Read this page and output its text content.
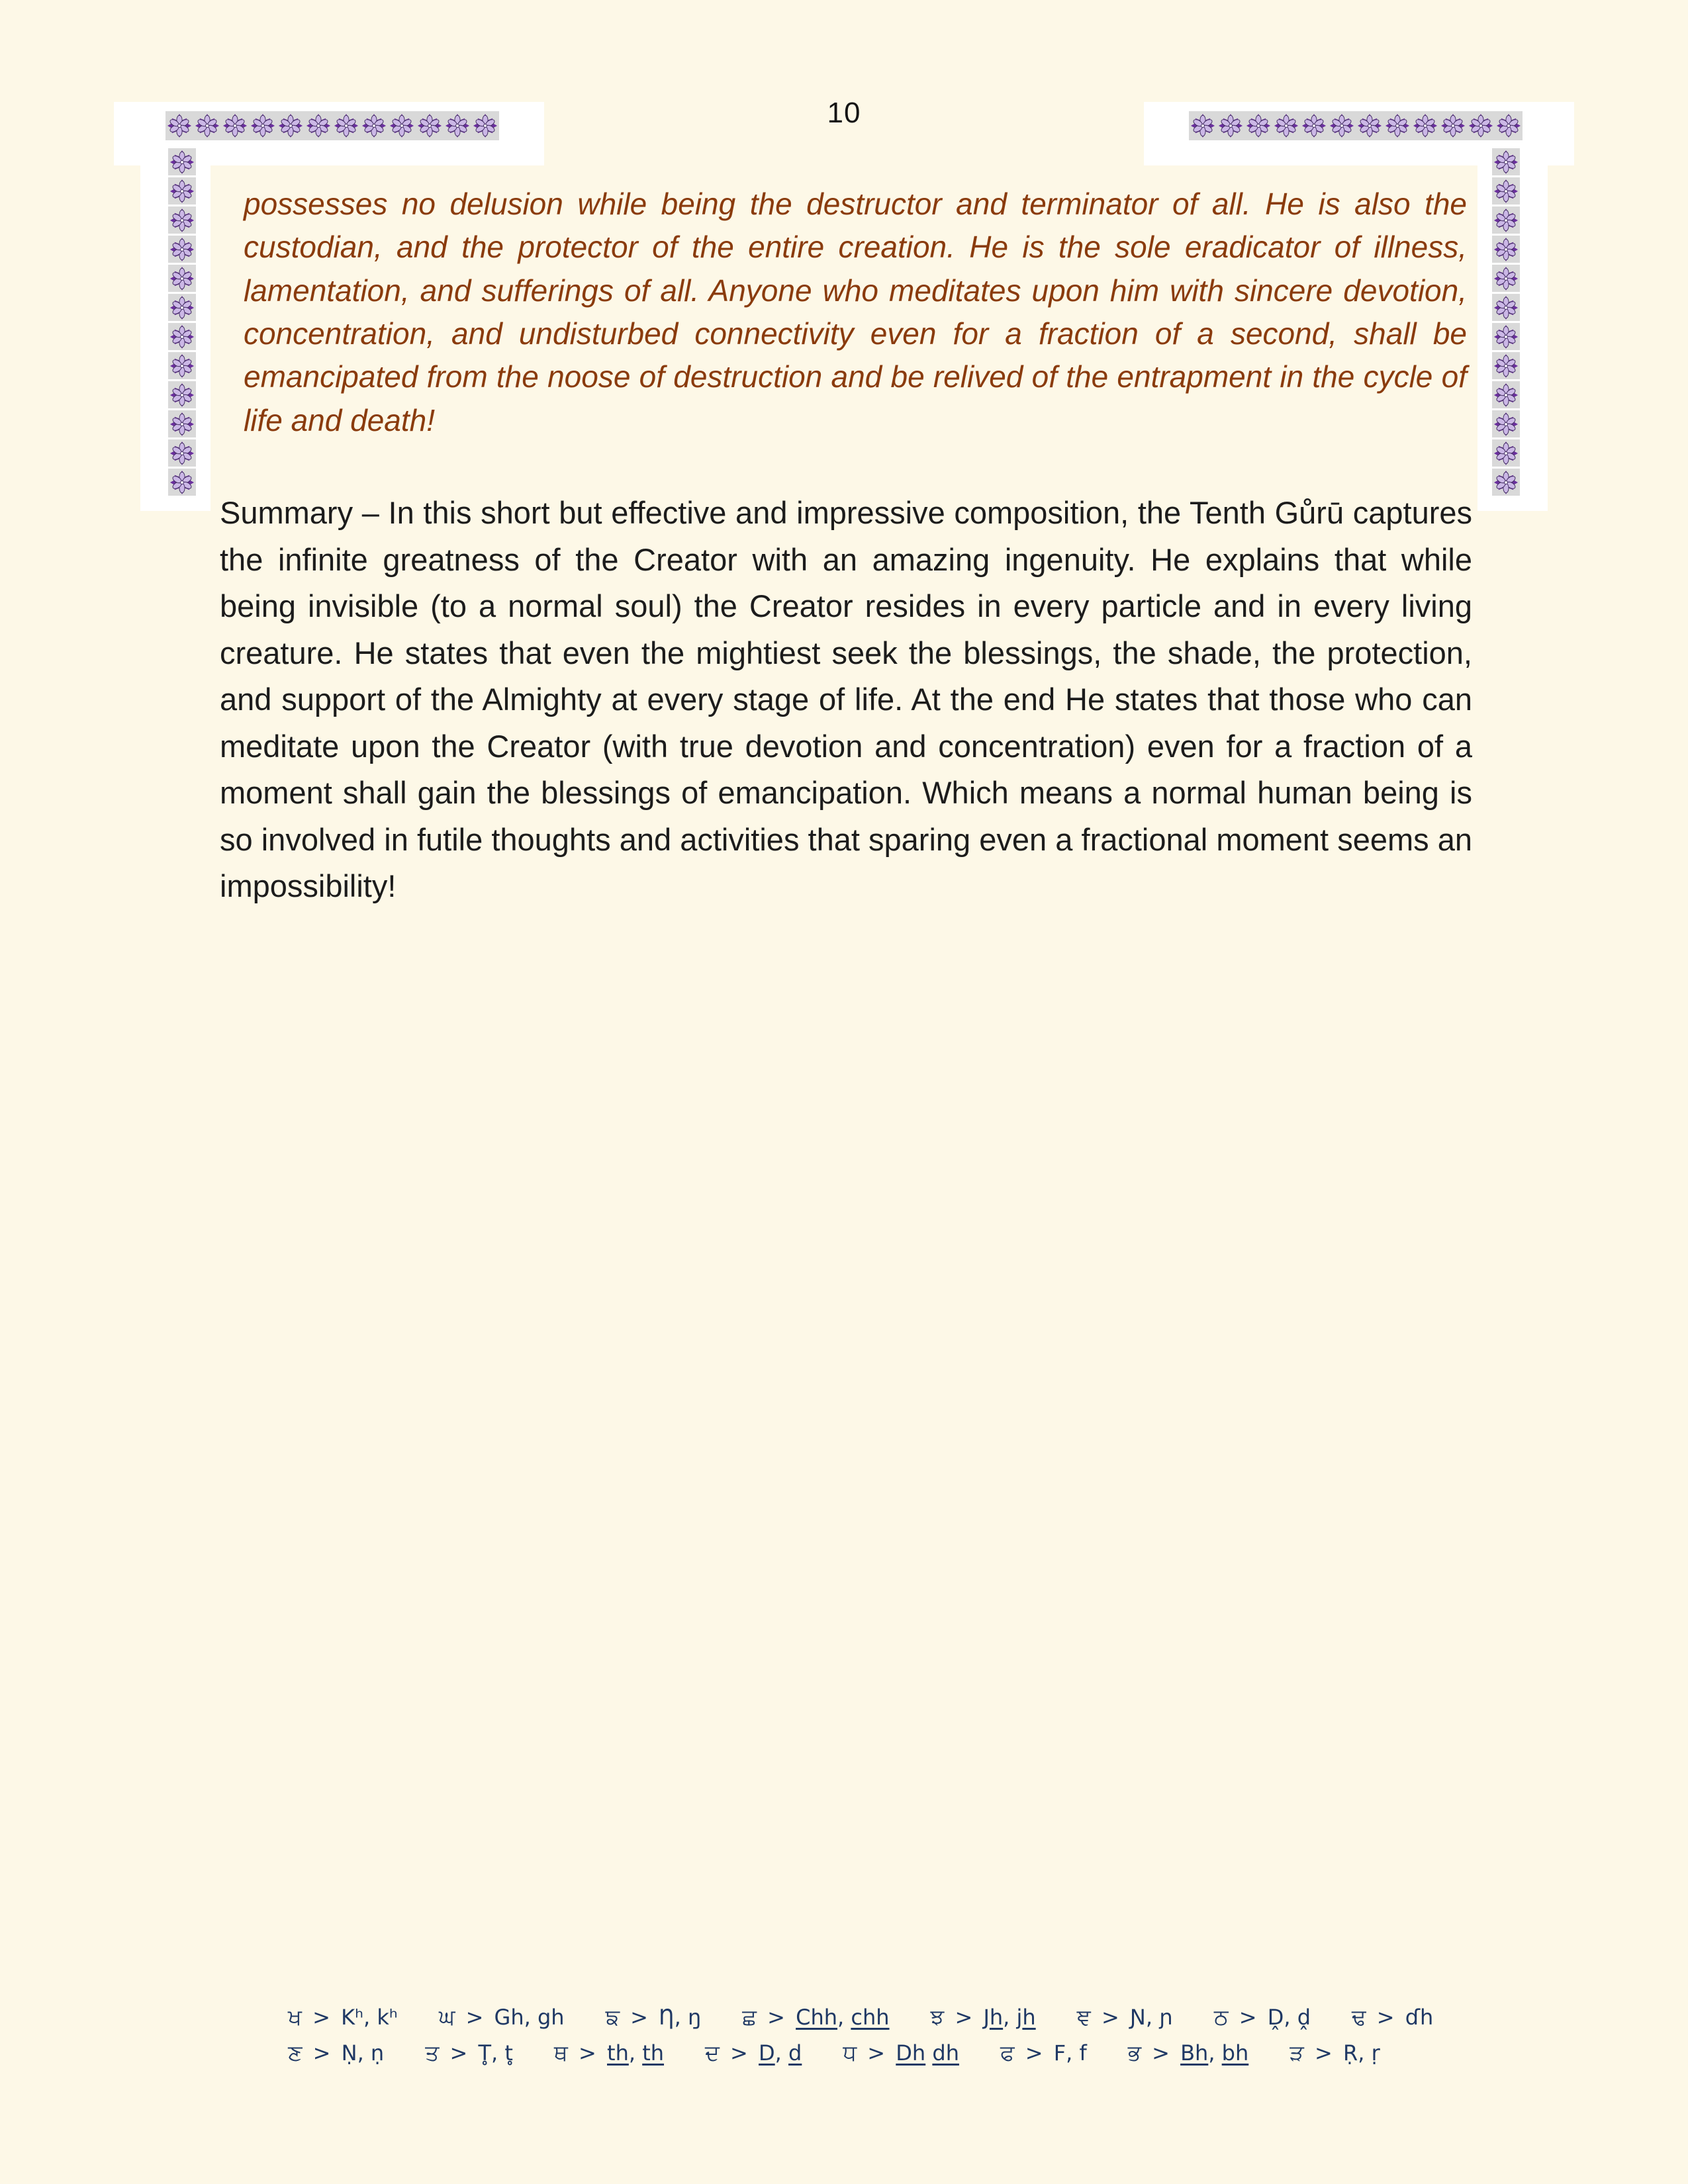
10
possesses no delusion while being the destructor and terminator of all. He is also the custodian, and the protector of the entire creation. He is the sole eradicator of illness, lamentation, and sufferings of all. Anyone who meditates upon him with sincere devotion, concentration, and undisturbed connectivity even for a fraction of a second, shall be emancipated from the noose of destruction and be relived of the entrapment in the cycle of life and death!
Summary – In this short but effective and impressive composition, the Tenth Gůrū captures the infinite greatness of the Creator with an amazing ingenuity. He explains that while being invisible (to a normal soul) the Creator resides in every particle and in every living creature. He states that even the mightiest seek the blessings, the shade, the protection, and support of the Almighty at every stage of life. At the end He states that those who can meditate upon the Creator (with true devotion and concentration) even for a fraction of a moment shall gain the blessings of emancipation. Which means a normal human being is so involved in futile thoughts and activities that sparing even a fractional moment seems an impossibility!
ਖ > Kʰ, kʰ ਘ > Gh, gh ਙ > Ƞ, ŋ ਛ > Chh, chh ਝ > Jh, jh ਞ > Ɲ, ɲ ਠ > Ḓ, ḓ ਢ > ɗh
ਣ > Ṇ, ṇ ਤ > T̥, t̥ ਥ > th, th ਦ > D, d ਧ > Dh dh ਫ > F, f ਭ > Bh, bh ੜ > Ṛ, ṛ
